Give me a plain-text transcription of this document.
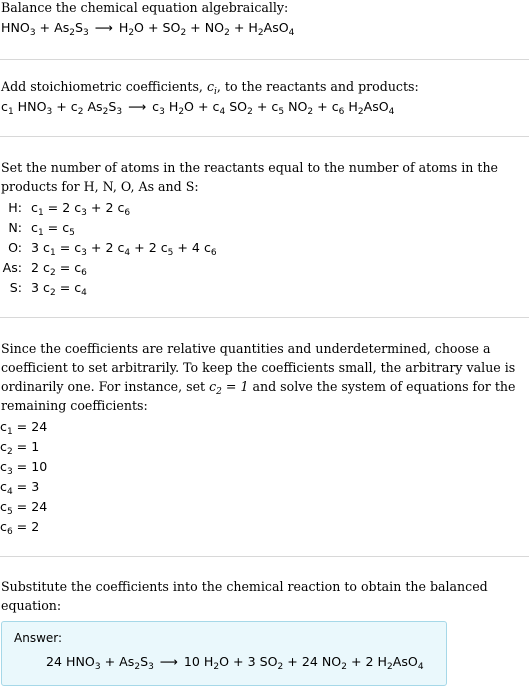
Balance the chemical equation algebraically:
$HNO_3 + As_2S_3$ ⟶ $H_2O + SO_2 + NO_2 + H_2AsO_4$
Add stoichiometric coefficients, $c_i$, to the reactants and products:
$c_1$ $HNO_3 + c_2$ $As_2S_3$ ⟶ $c_3$ $H_2O + c_4$ $SO_2 + c_5$ $NO_2 + c_6$ $H_2AsO_4$
Set the number of atoms in the reactants equal to the number of atoms in the
products for H, N, O, As and S:
H: $c_1 = 2$ $c_3 + 2$ $c_6$
N: $c_1 = c_5$
O: 3 $c_1 = c_3 + 2$ $c_4 + 2$ $c_5 + 4$ $c_6$
As: 2 $c_2 = c_6$
S: 3 $c_2 = c_4$
Since the coefficients are relative quantities and underdetermined, choose a
coefficient to set arbitrarily. To keep the coefficients small, the arbitrary value is
ordinarily one. For instance, set $c_2 = 1$ and solve the system of equations for the
remaining coefficients:
$c_1 = 24$
$c_2 = 1$
$c_3 = 10$
$c_4 = 3$
$c_5 = 24$
$c_6 = 2$
Substitute the coefficients into the chemical reaction to obtain the balanced
equation:
Answer:
24 $HNO_3 + As_2S_3$ ⟶ 10 $H_2O + 3$ $SO_2 + 24$ $NO_2 + 2$ $H_2AsO_4$
